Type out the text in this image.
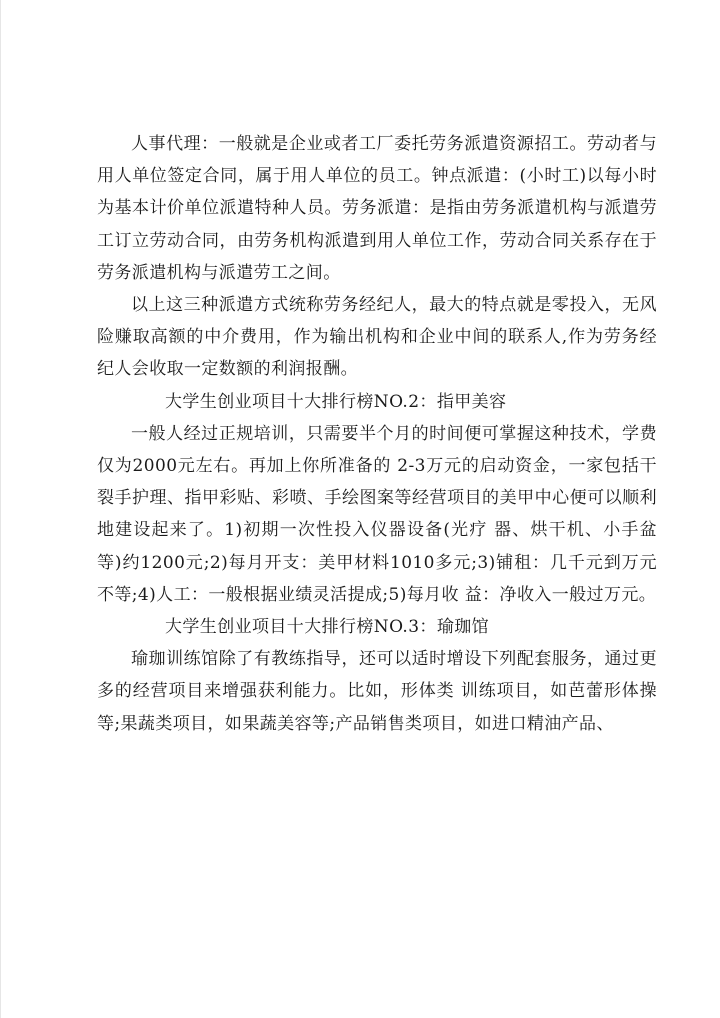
人事代理：一般就是企业或者工厂委托劳务派遣资源招工。劳动者与用人单位签定合同，属于用人单位的员工。钟点派遣：(小时工)以每小时为基本计价单位派遣特种人员。劳务派遣：是指由劳务派遣机构与派遣劳工订立劳动合同，由劳务机构派遣到用人单位工作，劳动合同关系存在于劳务派遣机构与派遣劳工之间。

以上这三种派遣方式统称劳务经纪人，最大的特点就是零投入，无风险赚取高额的中介费用，作为输出机构和企业中间的联系人,作为劳务经纪人会收取一定数额的利润报酬。

大学生创业项目十大排行榜NO.2：指甲美容

一般人经过正规培训，只需要半个月的时间便可掌握这种技术，学费仅为2000元左右。再加上你所准备的 2-3万元的启动资金，一家包括干裂手护理、指甲彩贴、彩喷、手绘图案等经营项目的美甲中心便可以顺利地建设起来了。1)初期一次性投入仪器设备(光疗 器、烘干机、小手盆等)约1200元;2)每月开支：美甲材料1010多元;3)铺租：几千元到万元不等;4)人工：一般根据业绩灵活提成;5)每月收 益：净收入一般过万元。

大学生创业项目十大排行榜NO.3：瑜珈馆

瑜珈训练馆除了有教练指导，还可以适时增设下列配套服务，通过更多的经营项目来增强获利能力。比如，形体类 训练项目，如芭蕾形体操等;果蔬类项目，如果蔬美容等;产品销售类项目，如进口精油产品、
